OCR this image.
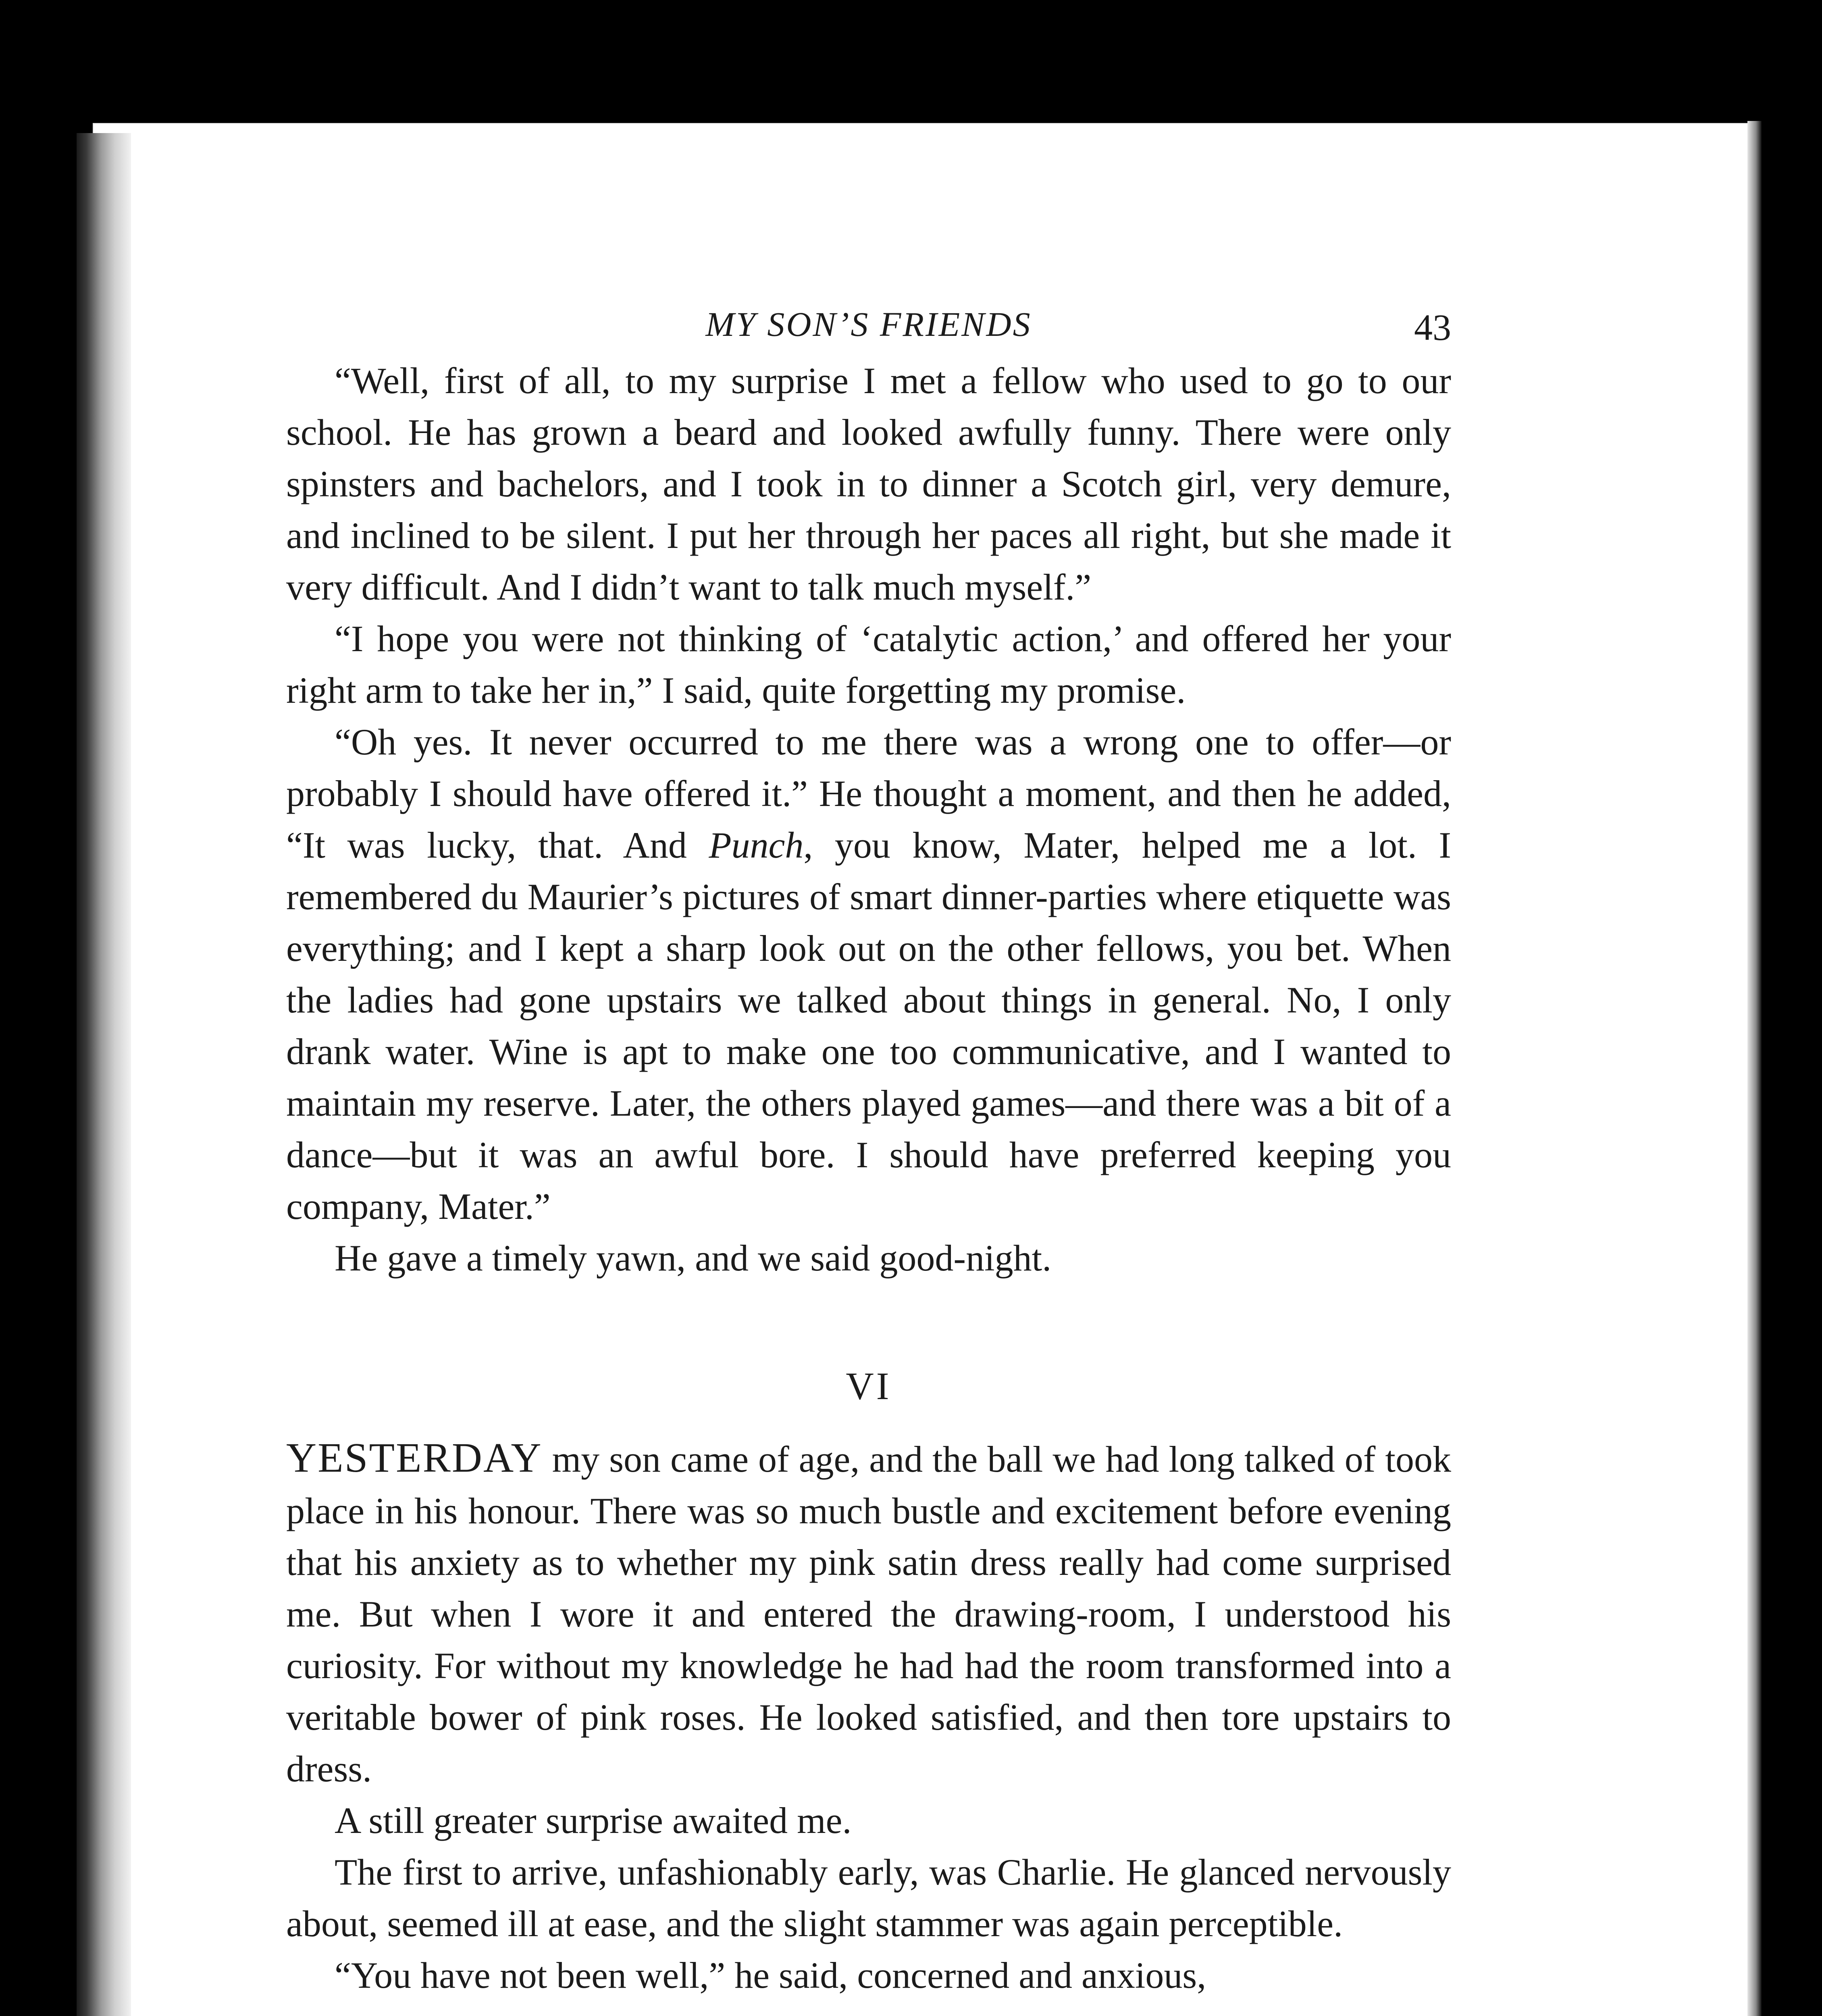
MY SON’S FRIENDS	43

“Well, first of all, to my surprise I met a fellow who used to go to our school. He has grown a beard and looked awfully funny. There were only spinsters and bachelors, and I took in to dinner a Scotch girl, very demure, and inclined to be silent. I put her through her paces all right, but she made it very difficult. And I didn’t want to talk much myself.”

“I hope you were not thinking of ‘catalytic action,’ and offered her your right arm to take her in,” I said, quite forgetting my promise.

“Oh yes. It never occurred to me there was a wrong one to offer—or probably I should have offered it.” He thought a moment, and then he added, “It was lucky, that. And Punch, you know, Mater, helped me a lot. I remembered du Maurier’s pictures of smart dinner-parties where etiquette was everything; and I kept a sharp look out on the other fellows, you bet. When the ladies had gone upstairs we talked about things in general. No, I only drank water. Wine is apt to make one too communicative, and I wanted to maintain my reserve. Later, the others played games—and there was a bit of a dance—but it was an awful bore. I should have preferred keeping you company, Mater.”

He gave a timely yawn, and we said good-night.

VI

YESTERDAY my son came of age, and the ball we had long talked of took place in his honour. There was so much bustle and excitement before evening that his anxiety as to whether my pink satin dress really had come surprised me. But when I wore it and entered the drawing-room, I understood his curiosity. For without my knowledge he had had the room transformed into a veritable bower of pink roses. He looked satisfied, and then tore upstairs to dress.

A still greater surprise awaited me.

The first to arrive, unfashionably early, was Charlie. He glanced nervously about, seemed ill at ease, and the slight stammer was again perceptible.

“You have not been well,” he said, concerned and anxious,
